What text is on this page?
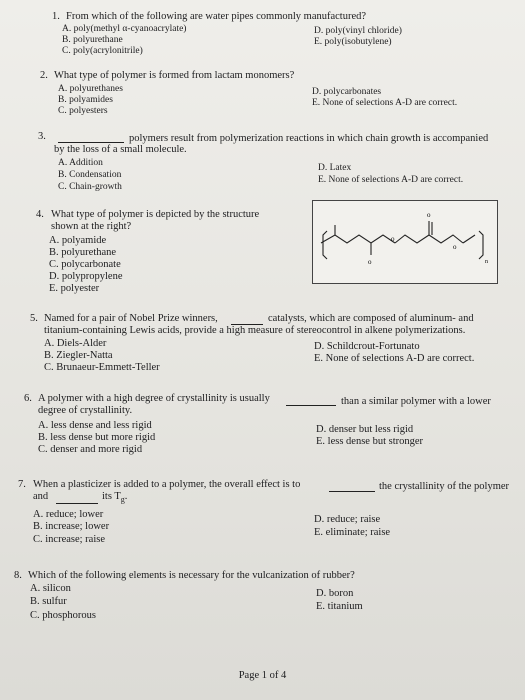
1. From which of the following are water pipes commonly manufactured?
A. poly(methyl α-cyanoacrylate)
B. polyurethane
C. poly(acrylonitrile)
D. poly(vinyl chloride)
E. poly(isobutylene)
2. What type of polymer is formed from lactam monomers?
A. polyurethanes
B. polyamides
C. polyesters
D. polycarbonates
E. None of selections A-D are correct.
3.	polymers result from polymerization reactions in which chain growth is accompanied
by the loss of a small molecule.
A. Addition
B. Condensation
C. Chain-growth
D. Latex
E. None of selections A-D are correct.
4. What type of polymer is depicted by the structure
shown at the right?
A. polyamide
B. polyurethane
C. polycarbonate
D. polypropylene
E. polyester
o
o
o
o
n
5. Named for a pair of Nobel Prize winners,	catalysts, which are composed of aluminum- and
titanium-containing Lewis acids, provide a high measure of stereocontrol in alkene polymerizations.
A. Diels-Alder
B. Ziegler-Natta
C. Brunaeur-Emmett-Teller
D. Schildcrout-Fortunato
E. None of selections A-D are correct.
6. A polymer with a high degree of crystallinity is usually	than a similar polymer with a lower
degree of crystallinity.
A. less dense and less rigid
B. less dense but more rigid
C. denser and more rigid
D. denser but less rigid
E. less dense but stronger
7. When a plasticizer is added to a polymer, the overall effect is to	the crystallinity of the polymer
and	its $T_g$.
A. reduce; lower
B. increase; lower
C. increase; raise
D. reduce; raise
E. eliminate; raise
8. Which of the following elements is necessary for the vulcanization of rubber?
A. silicon
B. sulfur
C. phosphorous
D. boron
E. titanium
Page 1 of 4
